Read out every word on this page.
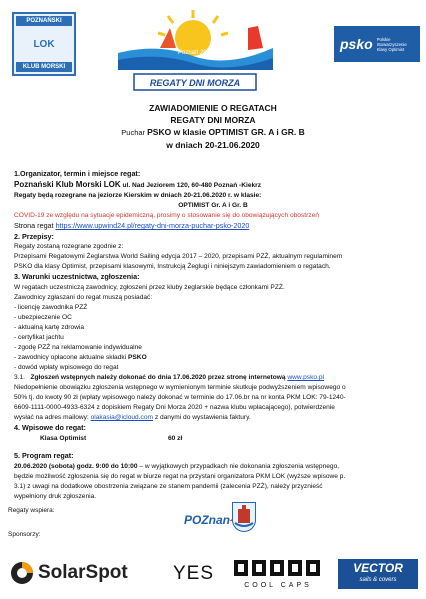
POZNAŃSKI
LOK
KLUB MORSKI
Poznań 2020
REGATY DNI MORZA
psko Polskie Stowarzyszenie Klasy Optimist
ZAWIADOMIENIE O REGATACH
REGATY DNI MORZA
Puchar PSKO w klasie OPTIMIST GR. A i GR. B
w dniach 20-21.06.2020
1.Organizator, termin i miejsce regat:
Poznański Klub Morski LOK ul. Nad Jeziorem 120, 60-480 Poznań -Kiekrz
Regaty będą rozegrane na jeziorze Kierskim w dniach 20-21.06.2020 r. w klasie:
OPTIMIST Gr. A i Gr. B
COVID-19 ze względu na sytuacje epidemiczną, prosimy o stosowanie się do obowiązujących obostrzeń
Strona regat https://www.upwind24.pl/regaty-dni-morza-puchar-psko-2020
2. Przepisy:
Regaty zostaną rozegrane zgodnie z:
Przepisami Regatowymi Żeglarstwa World Sailing edycja 2017 – 2020, przepisami PZŻ, aktualnym regulaminem
PSKO dla klasy Optimist, przepisami klasowymi, Instrukcją Żeglugi i niniejszym zawiadomieniem o regatach.
3. Warunki uczestnictwa, zgłoszenia:
W regatach uczestniczą zawodnicy, zgłoszeni przez kluby żeglarskie będące członkami PZŻ.
Zawodnicy zgłaszani do regat muszą posiadać:
- licencję zawodnika PZŻ
- ubezpieczenie OC
- aktualną kartę zdrowia
- certyfikat jachtu
- zgodę PZŻ na reklamowanie indywidualne
- zawodnicy opłacone aktualne składki PSKO
- dowód wpłaty wpisowego do regat
3.1. Zgłoszeń wstępnych należy dokonać do dnia 17.06.2020 przez stronę internetową www.psko.pl
Niedopełnienie obowiązku zgłoszenia wstępnego w wymienionym terminie skutkuje podwyższeniem wpisowego o
50% tj. do kwoty 90 zł (wpłaty wpisowego należy dokonać w terminie do 17.06.br na nr konta PKM LOK: 79-1240-
6609-1111-0000-4933-6324 z dopiskiem Regaty Dni Morza 2020 + nazwa klubu wpłacającego), potwierdzenie
wysłać na adres mailowy: olakasia@icloud.com z danymi do wystawienia faktury.
4. Wpisowe do regat:
Klasa Optimist	60 zł
5. Program regat:
20.06.2020 (sobota) godz. 9:00 do 10:00 – w wyjątkowych przypadkach nie dokonania zgłoszenia wstępnego,
będzie możliwość zgłoszenia się do regat w biurze regat na przystani organizatora PKM LOK (wyższe wpisowe p.
3.1) z uwagi na dodatkowe obostrzenia związane ze stanem pandemii (zalecenia PZŻ), należy przyznieść
wypełniony druk zgłoszenia.
Regaty wspiera:
POZnan
Sponsorzy:
SolarSpot YES
COOL CAPS
VECTOR
sails & covers
